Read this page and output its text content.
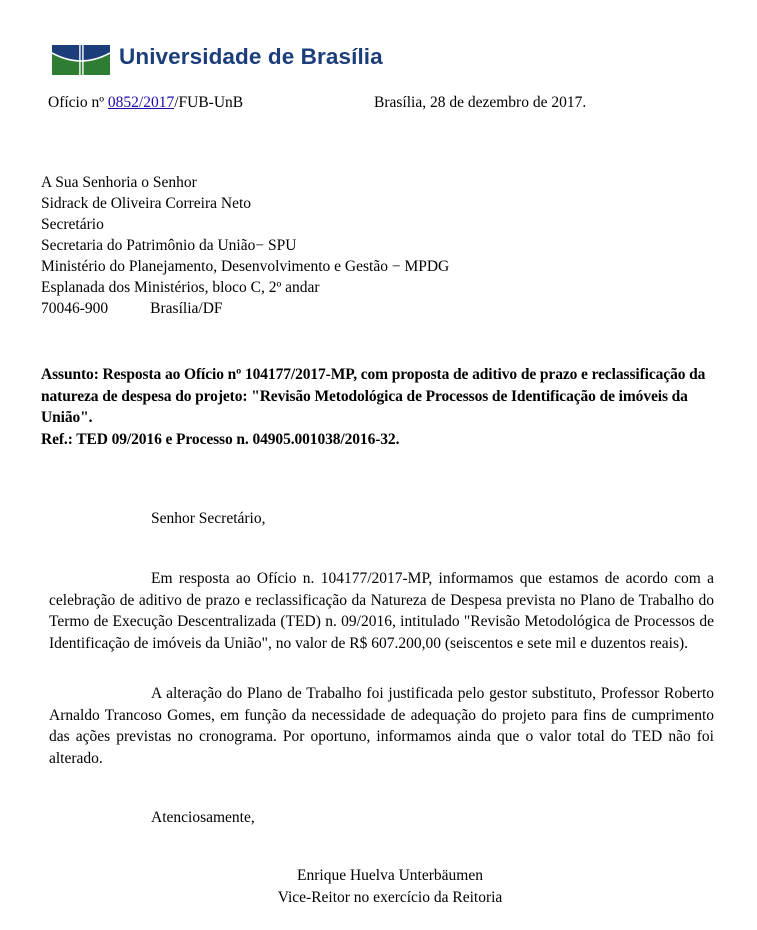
Universidade de Brasília
Ofício nº 0852/2017/FUB-UnB	Brasília, 28 de dezembro de 2017.
A Sua Senhoria o Senhor
Sidrack de Oliveira Correira Neto
Secretário
Secretaria do Patrimônio da União− SPU
Ministério do Planejamento, Desenvolvimento e Gestão − MPDG
Esplanada dos Ministérios, bloco C, 2º andar
70046-900	Brasília/DF
Assunto: Resposta ao Ofício nº 104177/2017-MP, com proposta de aditivo de prazo e reclassificação da natureza de despesa do projeto: "Revisão Metodológica de Processos de Identificação de imóveis da União".
Ref.: TED 09/2016 e Processo n. 04905.001038/2016-32.
Senhor Secretário,
Em resposta ao Ofício n. 104177/2017-MP, informamos que estamos de acordo com a celebração de aditivo de prazo e reclassificação da Natureza de Despesa prevista no Plano de Trabalho do Termo de Execução Descentralizada (TED) n. 09/2016, intitulado "Revisão Metodológica de Processos de Identificação de imóveis da União", no valor de R$ 607.200,00 (seiscentos e sete mil e duzentos reais).
A alteração do Plano de Trabalho foi justificada pelo gestor substituto, Professor Roberto Arnaldo Trancoso Gomes, em função da necessidade de adequação do projeto para fins de cumprimento das ações previstas no cronograma. Por oportuno, informamos ainda que o valor total do TED não foi alterado.
Atenciosamente,
Enrique Huelva Unterbäumen
Vice-Reitor no exercício da Reitoria
